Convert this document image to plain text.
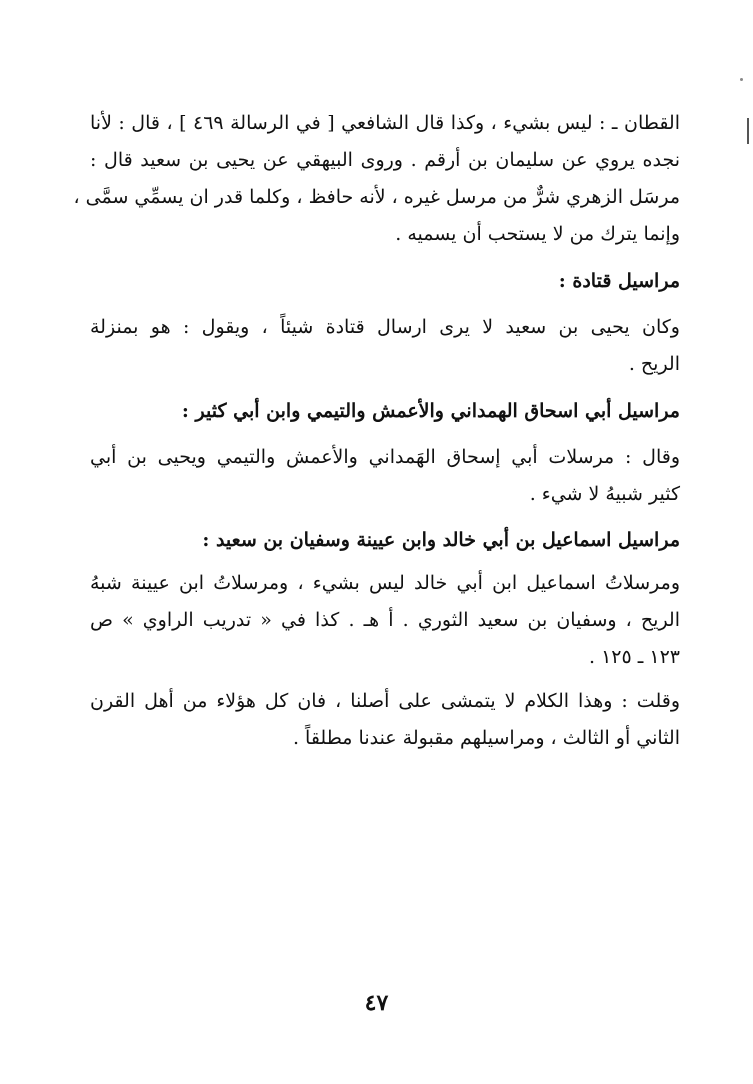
القطان ـ : ليس بشيء ، وكذا قال الشافعي [ في الرسالة ٤٦٩ ] ، قال : لأنا
نجده يروي عن سليمان بن أرقم . وروى البيهقي عن يحيى بن سعيد قال :
مرسَل الزهري شرٌّ من مرسل غيره ، لأنه حافظ ، وكلما قدر ان يسمِّي سمَّى ،
وإنما يترك من لا يستحب أن يسميه .
مراسيل قتادة :
وكان يحيى بن سعيد لا يرى ارسال قتادة شيئاً ، ويقول : هو بمنزلة
الريح .
مراسيل أبي اسحاق الهمداني والأعمش والتيمي وابن أبي كثير :
وقال : مرسلات أبي إسحاق الهَمداني والأعمش والتيمي ويحيى بن أبي
كثير شبيهُ لا شيء .
مراسيل اسماعيل بن أبي خالد وابن عيينة وسفيان بن سعيد :
ومرسلاتُ اسماعيل ابن أبي خالد ليس بشيء ، ومرسلاتُ ابن عيينة شبهُ
الريح ، وسفيان بن سعيد الثوري . أ هـ . كذا في « تدريب الراوي » ص
١٢٣ ـ ١٢٥ .
وقلت : وهذا الكلام لا يتمشى على أصلنا ، فان كل هؤلاء من أهل القرن
الثاني أو الثالث ، ومراسيلهم مقبولة عندنا مطلقاً .
٤٧
